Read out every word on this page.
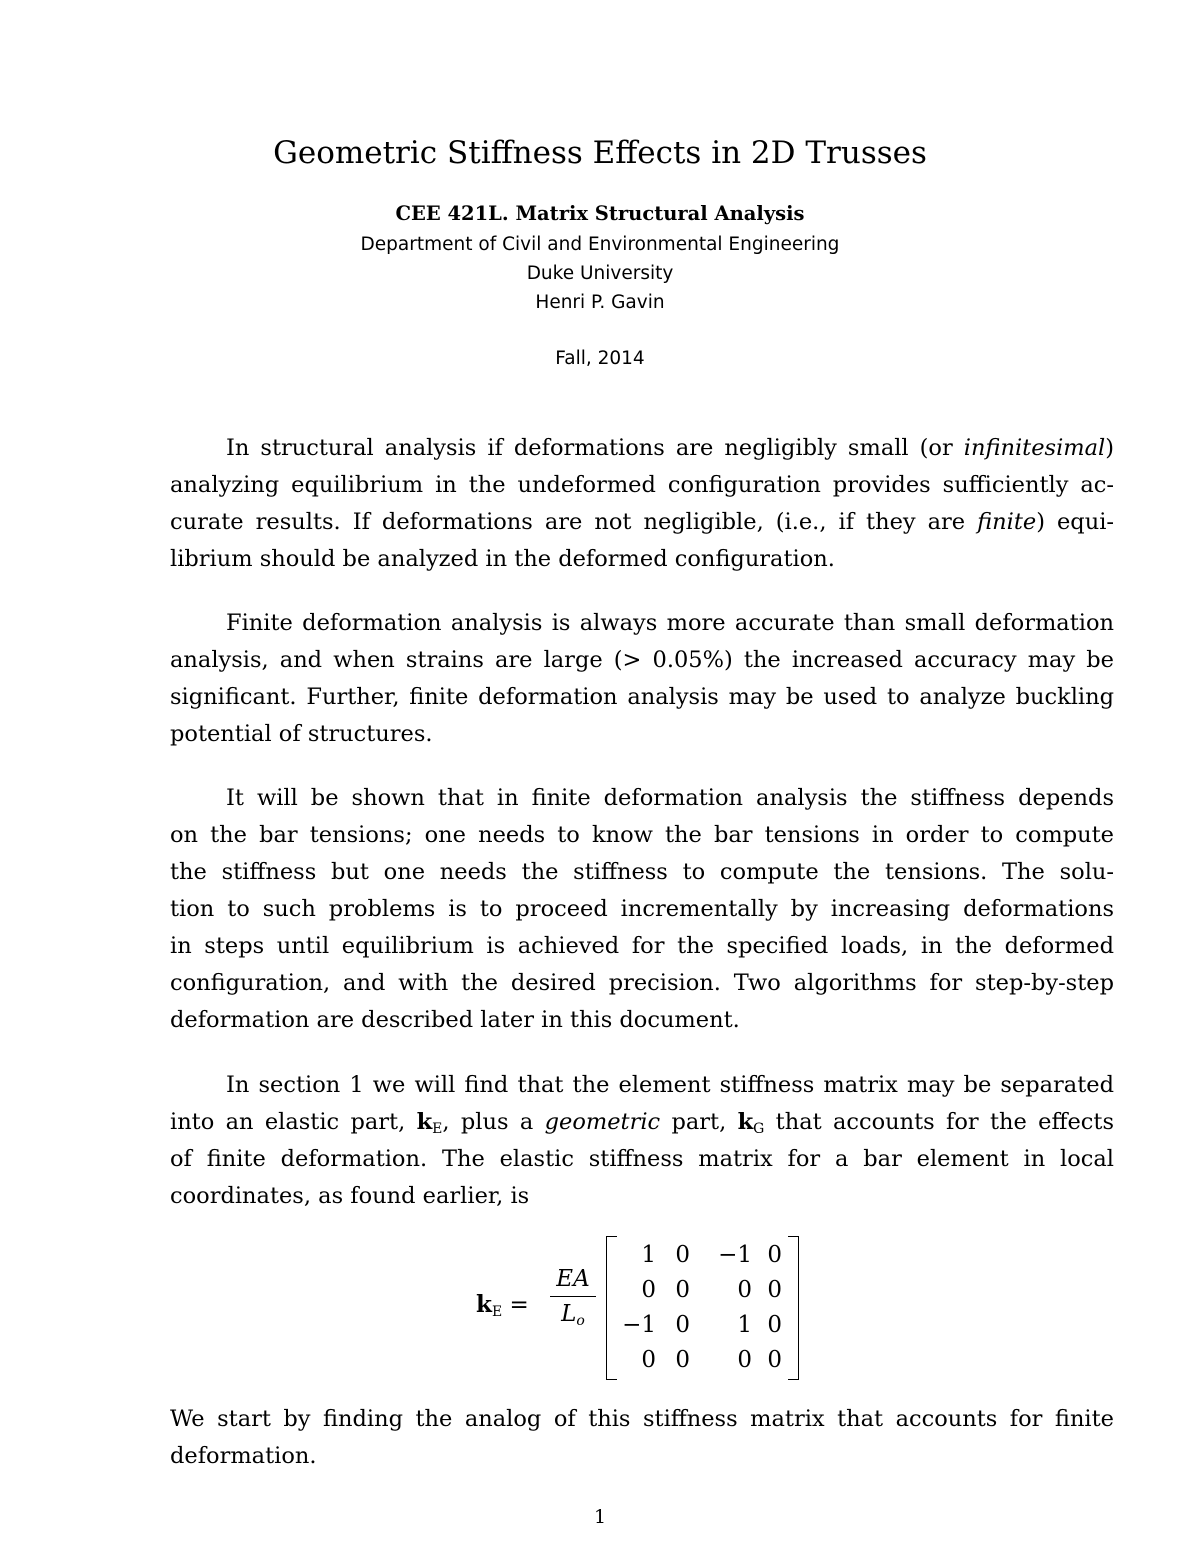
Geometric Stiffness Effects in 2D Trusses

CEE 421L. Matrix Structural Analysis

Department of Civil and Environmental Engineering

Duke University

Henri P. Gavin

Fall, 2014

In structural analysis if deformations are negligibly small (or infinitesimal)
analyzing equilibrium in the undeformed configuration provides sufficiently ac-
curate results. If deformations are not negligible, (i.e., if they are finite) equi-
librium should be analyzed in the deformed configuration.
Finite deformation analysis is always more accurate than small deformation
analysis, and when strains are large (> 0.05%) the increased accuracy may be
significant. Further, finite deformation analysis may be used to analyze buckling
potential of structures.
It will be shown that in finite deformation analysis the stiffness depends
on the bar tensions; one needs to know the bar tensions in order to compute
the stiffness but one needs the stiffness to compute the tensions. The solu-
tion to such problems is to proceed incrementally by increasing deformations
in steps until equilibrium is achieved for the specified loads, in the deformed
configuration, and with the desired precision. Two algorithms for step-by-step
deformation are described later in this document.
In section 1 we will find that the element stiffness matrix may be separated
into an elastic part, $k_E$, plus a geometric part, $k_G$ that accounts for the effects
of finite deformation. The elastic stiffness matrix for a bar element in local
coordinates, as found earlier, is
$k_E$ =
EA
$L_o$
1 0	−1 0
0 0	0 0
−1 0	1 0
0 0	0 0
We start by finding the analog of this stiffness matrix that accounts for finite
deformation.

1
